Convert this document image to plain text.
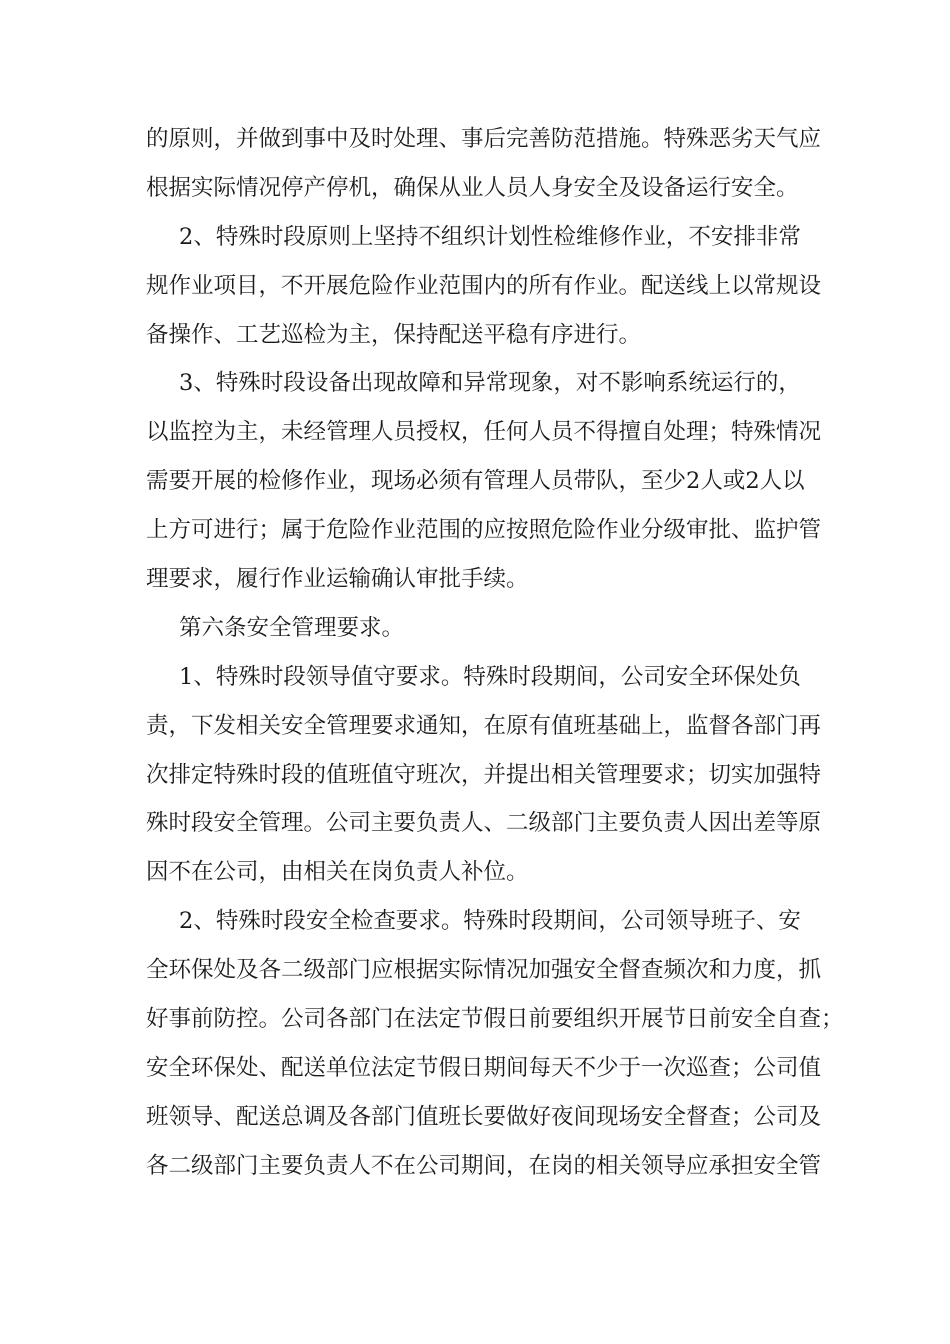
的原则，并做到事中及时处理、事后完善防范措施。特殊恶劣天气应
根据实际情况停产停机，确保从业人员人身安全及设备运行安全。
2、特殊时段原则上坚持不组织计划性检维修作业，不安排非常
规作业项目，不开展危险作业范围内的所有作业。配送线上以常规设
备操作、工艺巡检为主，保持配送平稳有序进行。
3、特殊时段设备出现故障和异常现象，对不影响系统运行的，
以监控为主，未经管理人员授权，任何人员不得擅自处理；特殊情况
需要开展的检修作业，现场必须有管理人员带队，至少2人或2人以
上方可进行；属于危险作业范围的应按照危险作业分级审批、监护管
理要求，履行作业运输确认审批手续。
第六条安全管理要求。
1、特殊时段领导值守要求。特殊时段期间，公司安全环保处负
责，下发相关安全管理要求通知，在原有值班基础上，监督各部门再
次排定特殊时段的值班值守班次，并提出相关管理要求；切实加强特
殊时段安全管理。公司主要负责人、二级部门主要负责人因出差等原
因不在公司，由相关在岗负责人补位。
2、特殊时段安全检查要求。特殊时段期间，公司领导班子、安
全环保处及各二级部门应根据实际情况加强安全督查频次和力度，抓
好事前防控。公司各部门在法定节假日前要组织开展节日前安全自查；
安全环保处、配送单位法定节假日期间每天不少于一次巡查；公司值
班领导、配送总调及各部门值班长要做好夜间现场安全督查；公司及
各二级部门主要负责人不在公司期间，在岗的相关领导应承担安全管
